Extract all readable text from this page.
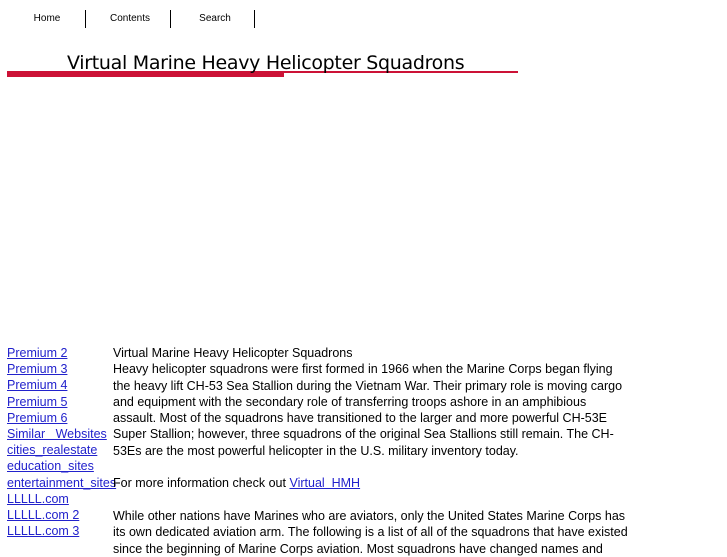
Home	Contents	Search
Virtual Marine Heavy Helicopter Squadrons
Premium 2
Premium 3
Premium 4
Premium 5
Premium 6
Similar   Websites
cities_realestate
education_sites
entertainment_sites
LLLLL.com
LLLLL.com 2
LLLLL.com 3

Virtual Marine Heavy Helicopter Squadrons

Heavy helicopter squadrons were first formed in 1966 when the Marine Corps began flying the heavy lift CH-53 Sea Stallion during the Vietnam War. Their primary role is moving cargo and equipment with the secondary role of transferring troops ashore in an amphibious assault. Most of the squadrons have transitioned to the larger and more powerful CH-53E Super Stallion; however, three squadrons of the original Sea Stallions still remain. The CH-53Es are the most powerful helicopter in the U.S. military inventory today.

For more information check out Virtual  HMH

While other nations have Marines who are aviators, only the United States Marine Corps has its own dedicated aviation arm. The following is a list of all of the squadrons that have existed since the beginning of Marine Corps aviation. Most squadrons have changed names and
